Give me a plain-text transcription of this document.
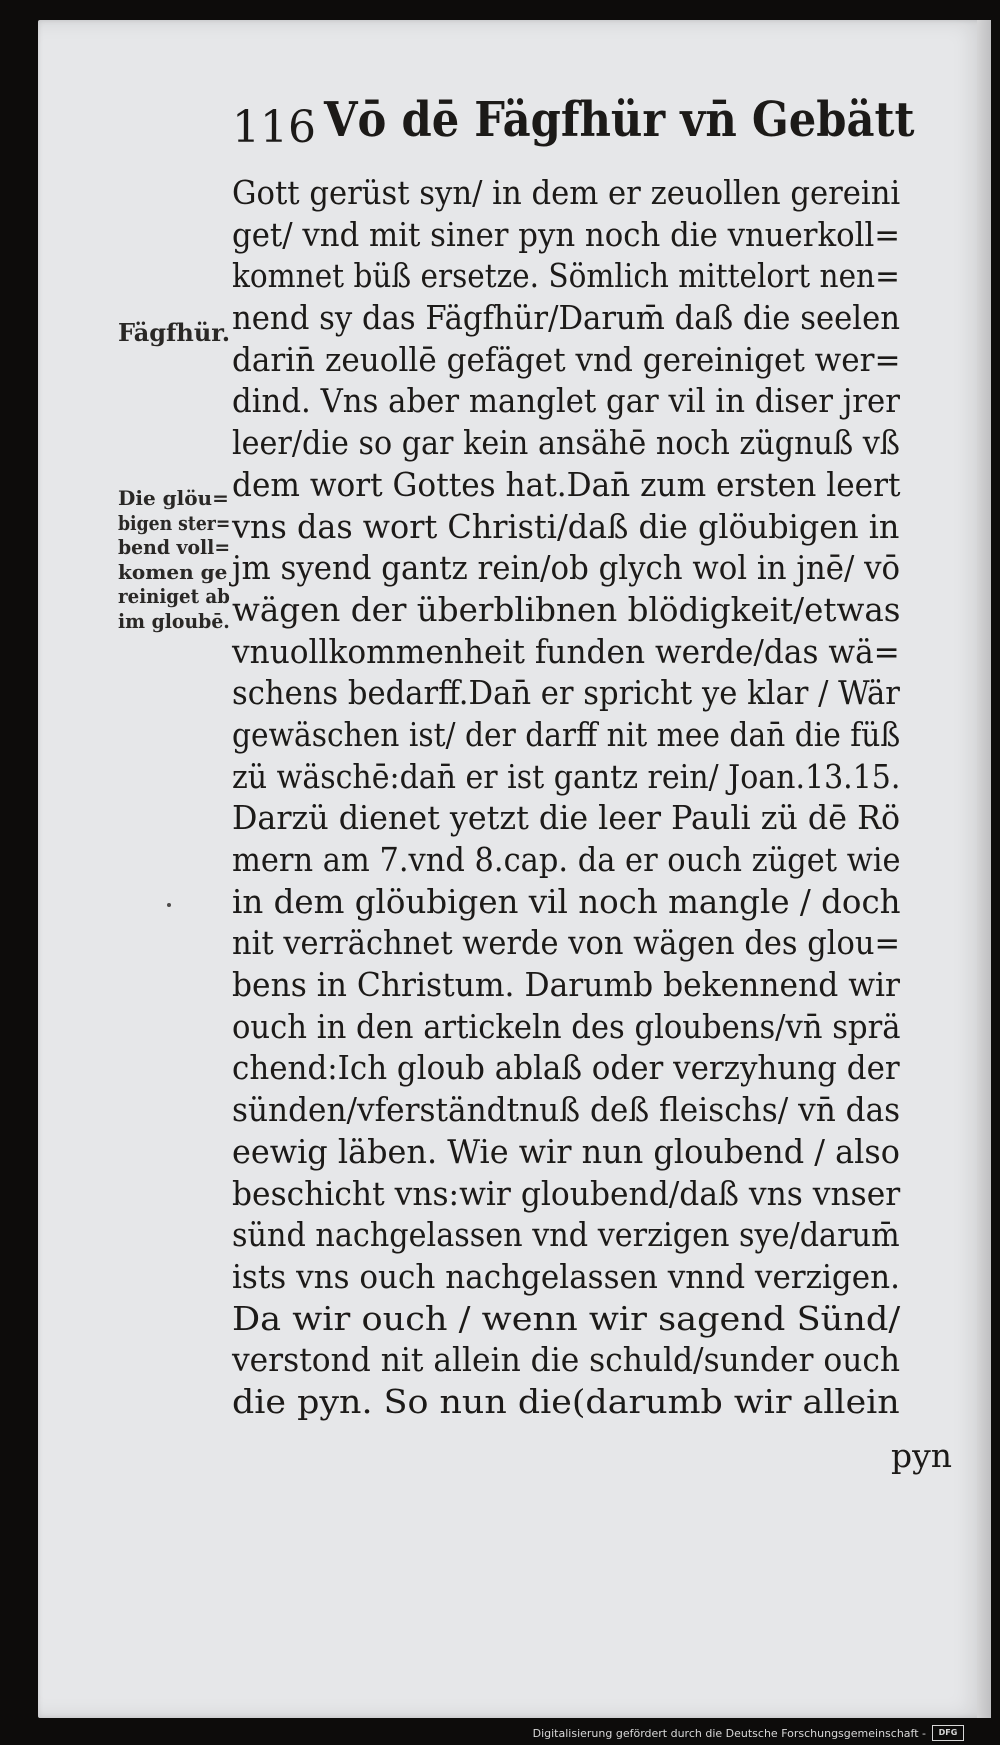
116 Vō dē Fägfhür vn̄ Gebätt
Fägfhür.
Die glöu=
bigen ster=
bend voll=
komen ge
reiniget ab
im gloubē.
Gott gerüst syn/ in dem er zeuollen gereini
get/ vnd mit siner pyn noch die vnuerkoll=
komnet büß ersetze. Sömlich mittelort nen=
nend sy das Fägfhür/Darum̄ daß die seelen
darin̄ zeuollē gefäget vnd gereiniget wer=
dind. Vns aber manglet gar vil in diser jrer
leer/die so gar kein ansähē noch zügnuß vß
dem wort Gottes hat.Dan̄ zum ersten leert
vns das wort Christi/daß die glöubigen in
jm syend gantz rein/ob glych wol in jnē/ vō
wägen der überblibnen blödigkeit/etwas
vnuollkommenheit funden werde/das wä=
schens bedarff.Dan̄ er spricht ye klar / Wär
gewäschen ist/ der darff nit mee dan̄ die füß
zü wäschē:dan̄ er ist gantz rein/ Joan.13.15.
Darzü dienet yetzt die leer Pauli zü dē Rö
mern am 7.vnd 8.cap. da er ouch züget wie
in dem glöubigen vil noch mangle / doch
nit verrächnet werde von wägen des glou=
bens in Christum. Darumb bekennend wir
ouch in den artickeln des gloubens/vn̄ sprä
chend:Ich gloub ablaß oder verzyhung der
sünden/vferständtnuß deß fleischs/ vn̄ das
eewig läben. Wie wir nun gloubend / also
beschicht vns:wir gloubend/daß vns vnser
sünd nachgelassen vnd verzigen sye/darum̄
ists vns ouch nachgelassen vnnd verzigen.
Da wir ouch / wenn wir sagend Sünd/
verstond nit allein die schuld/sunder ouch
die pyn. So nun die(darumb wir allein
pyn
Digitalisierung gefördert durch die Deutsche Forschungsgemeinschaft -	DFG
